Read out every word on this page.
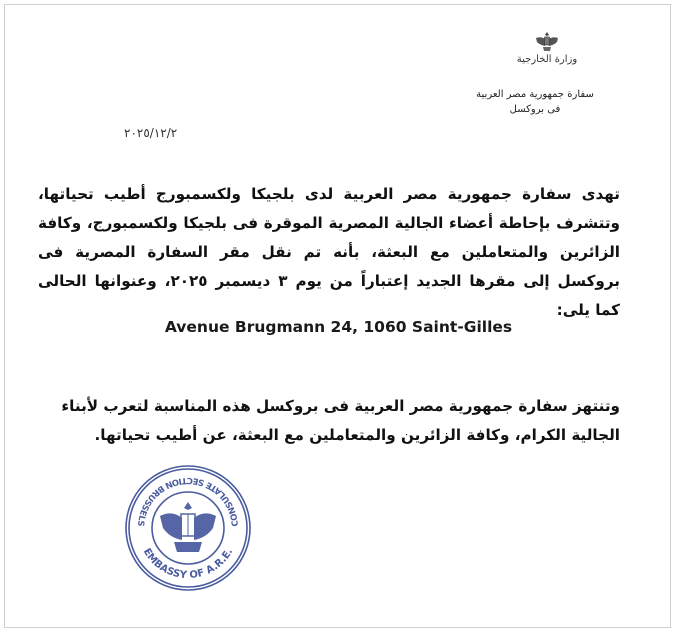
وزارة الخارجية
سفارة جمهورية مصر العربية
فى بروكسل
٢٠٢٥/١٢/٢
تهدى سفارة جمهورية مصر العربية لدى بلجيكا ولكسمبورج أطيب تحياتها، وتتشرف بإحاطة أعضاء الجالية المصرية الموقرة فى بلجيكا ولكسمبورج، وكافة الزائرين والمتعاملين مع البعثة، بأنه تم نقل مقر السفارة المصرية فى بروكسل إلى مقرها الجديد إعتباراً من يوم ٣ ديسمبر ٢٠٢٥، وعنوانها الحالى كما يلى:
Avenue Brugmann 24, 1060 Saint-Gilles
وتنتهز سفارة جمهورية مصر العربية فى بروكسل هذه المناسبة لتعرب لأبناء الجالية الكرام، وكافة الزائرين والمتعاملين مع البعثة، عن أطيب تحياتها.
EMBASSY OF A.R.E.
CONSULATE SECTION BRUSSELS
